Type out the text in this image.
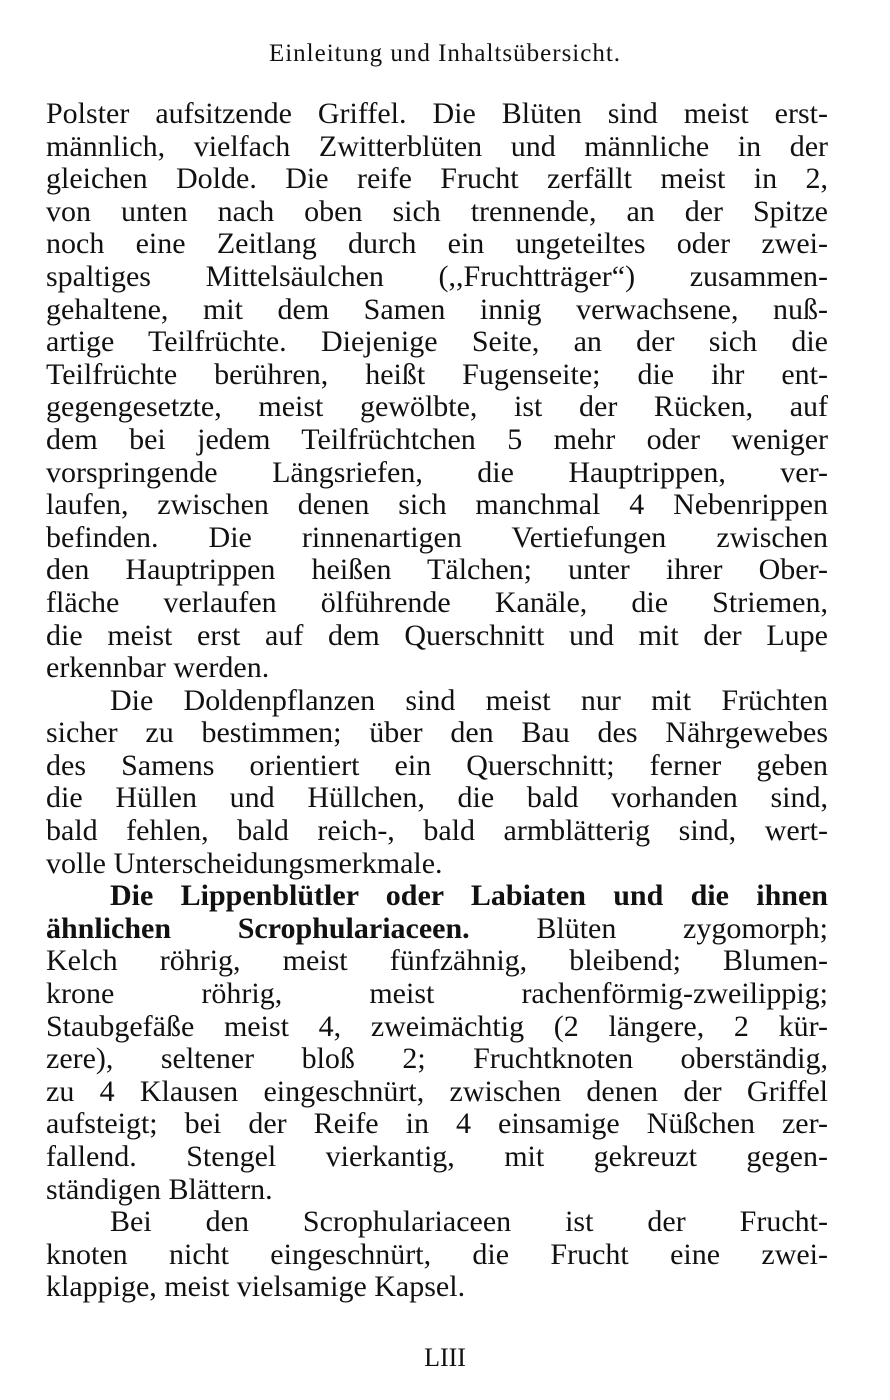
Einleitung und Inhaltsübersicht.
Polster aufsitzende Griffel. Die Blüten sind meist erst-
männlich, vielfach Zwitterblüten und männliche in der
gleichen Dolde. Die reife Frucht zerfällt meist in 2,
von unten nach oben sich trennende, an der Spitze
noch eine Zeitlang durch ein ungeteiltes oder zwei-
spaltiges Mittelsäulchen (,,Fruchtträger“) zusammen-
gehaltene, mit dem Samen innig verwachsene, nuß-
artige Teilfrüchte. Diejenige Seite, an der sich die
Teilfrüchte berühren, heißt Fugenseite; die ihr ent-
gegengesetzte, meist gewölbte, ist der Rücken, auf
dem bei jedem Teilfrüchtchen 5 mehr oder weniger
vorspringende Längsriefen, die Hauptrippen, ver-
laufen, zwischen denen sich manchmal 4 Nebenrippen
befinden. Die rinnenartigen Vertiefungen zwischen
den Hauptrippen heißen Tälchen; unter ihrer Ober-
fläche verlaufen ölführende Kanäle, die Striemen,
die meist erst auf dem Querschnitt und mit der Lupe
erkennbar werden.
Die Doldenpflanzen sind meist nur mit Früchten
sicher zu bestimmen; über den Bau des Nährgewebes
des Samens orientiert ein Querschnitt; ferner geben
die Hüllen und Hüllchen, die bald vorhanden sind,
bald fehlen, bald reich-, bald armblätterig sind, wert-
volle Unterscheidungsmerkmale.
Die Lippenblütler oder Labiaten und die ihnen
ähnlichen Scrophulariaceen. Blüten zygomorph;
Kelch röhrig, meist fünfzähnig, bleibend; Blumen-
krone röhrig, meist rachenförmig-zweilippig;
Staubgefäße meist 4, zweimächtig (2 längere, 2 kür-
zere), seltener bloß 2; Fruchtknoten oberständig,
zu 4 Klausen eingeschnürt, zwischen denen der Griffel
aufsteigt; bei der Reife in 4 einsamige Nüßchen zer-
fallend. Stengel vierkantig, mit gekreuzt gegen-
ständigen Blättern.
Bei den Scrophulariaceen ist der Frucht-
knoten nicht eingeschnürt, die Frucht eine zwei-
klappige, meist vielsamige Kapsel.
LIII
